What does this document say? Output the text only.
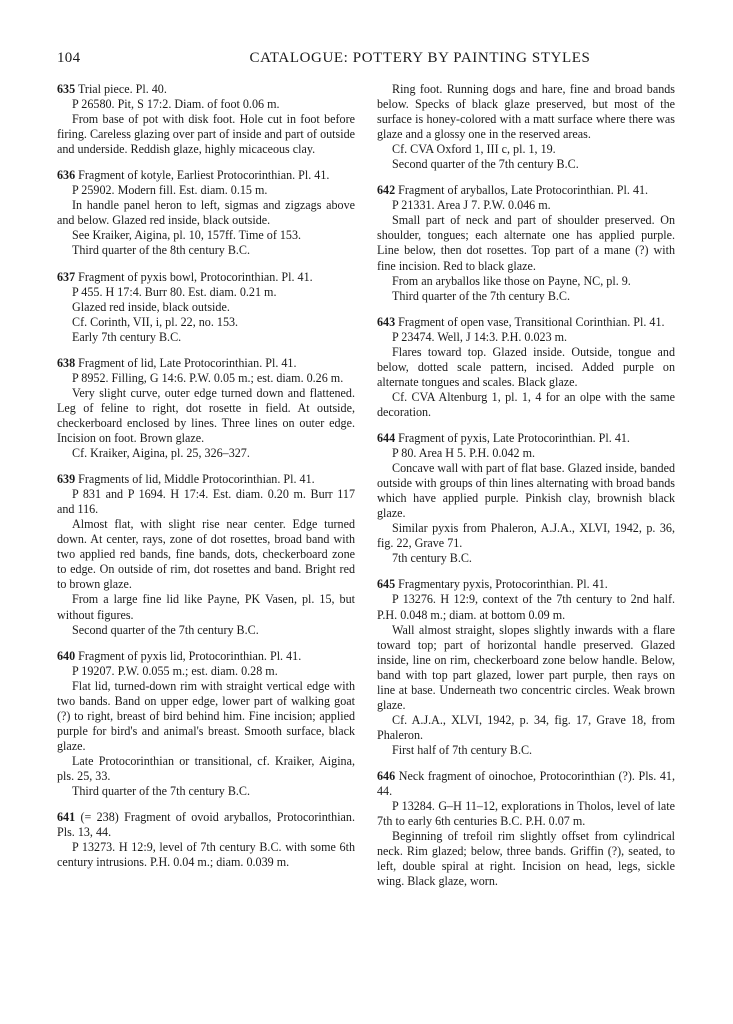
104	CATALOGUE: POTTERY BY PAINTING STYLES

635 Trial piece. Pl. 40.

P 26580. Pit, S 17:2. Diam. of foot 0.06 m.

From base of pot with disk foot. Hole cut in foot before firing. Careless glazing over part of inside and part of outside and underside. Reddish glaze, highly micaceous clay.

636 Fragment of kotyle, Earliest Protocorinthian. Pl. 41.

P 25902. Modern fill. Est. diam. 0.15 m.

In handle panel heron to left, sigmas and zigzags above and below. Glazed red inside, black outside.

See Kraiker, Aigina, pl. 10, 157ff. Time of 153.

Third quarter of the 8th century B.C.

637 Fragment of pyxis bowl, Protocorinthian. Pl. 41.

P 455. H 17:4. Burr 80. Est. diam. 0.21 m.

Glazed red inside, black outside.

Cf. Corinth, VII, i, pl. 22, no. 153.

Early 7th century B.C.

638 Fragment of lid, Late Protocorinthian. Pl. 41.

P 8952. Filling, G 14:6. P.W. 0.05 m.; est. diam. 0.26 m.

Very slight curve, outer edge turned down and flattened. Leg of feline to right, dot rosette in field. At outside, checkerboard enclosed by lines. Three lines on outer edge. Incision on foot. Brown glaze.

Cf. Kraiker, Aigina, pl. 25, 326–327.

639 Fragments of lid, Middle Protocorinthian. Pl. 41.

P 831 and P 1694. H 17:4. Est. diam. 0.20 m. Burr 117 and 116.

Almost flat, with slight rise near center. Edge turned down. At center, rays, zone of dot rosettes, broad band with two applied red bands, fine bands, dots, checkerboard zone to edge. On outside of rim, dot rosettes and band. Bright red to brown glaze.

From a large fine lid like Payne, PK Vasen, pl. 15, but without figures.

Second quarter of the 7th century B.C.

640 Fragment of pyxis lid, Protocorinthian. Pl. 41.

P 19207. P.W. 0.055 m.; est. diam. 0.28 m.

Flat lid, turned-down rim with straight vertical edge with two bands. Band on upper edge, lower part of walking goat (?) to right, breast of bird behind him. Fine incision; applied purple for bird's and animal's breast. Smooth surface, black glaze.

Late Protocorinthian or transitional, cf. Kraiker, Aigina, pls. 25, 33.

Third quarter of the 7th century B.C.

641 (= 238) Fragment of ovoid aryballos, Protocorinthian. Pls. 13, 44.

P 13273. H 12:9, level of 7th century B.C. with some 6th century intrusions. P.H. 0.04 m.; diam. 0.039 m.

Ring foot. Running dogs and hare, fine and broad bands below. Specks of black glaze preserved, but most of the surface is honey-colored with a matt surface where there was glaze and a glossy one in the reserved areas.

Cf. CVA Oxford 1, III c, pl. 1, 19.

Second quarter of the 7th century B.C.

642 Fragment of aryballos, Late Protocorinthian. Pl. 41.

P 21331. Area J 7. P.W. 0.046 m.

Small part of neck and part of shoulder preserved. On shoulder, tongues; each alternate one has applied purple. Line below, then dot rosettes. Top part of a mane (?) with fine incision. Red to black glaze.

From an aryballos like those on Payne, NC, pl. 9.

Third quarter of the 7th century B.C.

643 Fragment of open vase, Transitional Corinthian. Pl. 41.

P 23474. Well, J 14:3. P.H. 0.023 m.

Flares toward top. Glazed inside. Outside, tongue and below, dotted scale pattern, incised. Added purple on alternate tongues and scales. Black glaze.

Cf. CVA Altenburg 1, pl. 1, 4 for an olpe with the same decoration.

644 Fragment of pyxis, Late Protocorinthian. Pl. 41.

P 80. Area H 5. P.H. 0.042 m.

Concave wall with part of flat base. Glazed inside, banded outside with groups of thin lines alternating with broad bands which have applied purple. Pinkish clay, brownish black glaze.

Similar pyxis from Phaleron, A.J.A., XLVI, 1942, p. 36, fig. 22, Grave 71.

7th century B.C.

645 Fragmentary pyxis, Protocorinthian. Pl. 41.

P 13276. H 12:9, context of the 7th century to 2nd half. P.H. 0.048 m.; diam. at bottom 0.09 m.

Wall almost straight, slopes slightly inwards with a flare toward top; part of horizontal handle preserved. Glazed inside, line on rim, checkerboard zone below handle. Below, band with top part glazed, lower part purple, then rays on line at base. Underneath two concentric circles. Weak brown glaze.

Cf. A.J.A., XLVI, 1942, p. 34, fig. 17, Grave 18, from Phaleron.

First half of 7th century B.C.

646 Neck fragment of oinochoe, Protocorinthian (?). Pls. 41, 44.

P 13284. G–H 11–12, explorations in Tholos, level of late 7th to early 6th centuries B.C. P.H. 0.07 m.

Beginning of trefoil rim slightly offset from cylindrical neck. Rim glazed; below, three bands. Griffin (?), seated, to left, double spiral at right. Incision on head, legs, sickle wing. Black glaze, worn.
